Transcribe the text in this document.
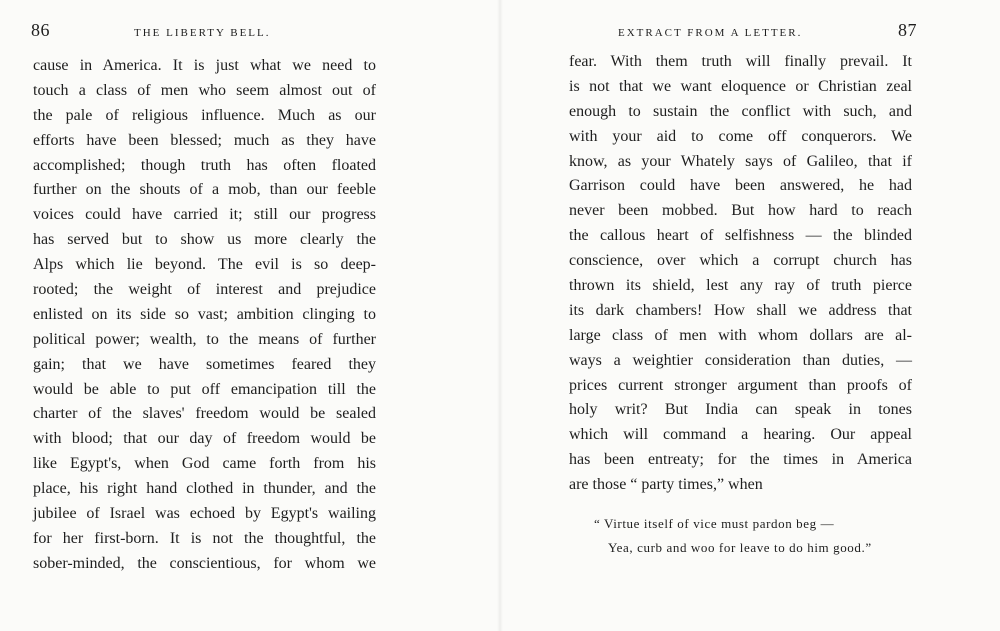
86	THE LIBERTY BELL.
cause in America. It is just what we need to
touch a class of men who seem almost out of
the pale of religious influence. Much as our
efforts have been blessed; much as they have
accomplished; though truth has often floated
further on the shouts of a mob, than our feeble
voices could have carried it; still our progress
has served but to show us more clearly the
Alps which lie beyond. The evil is so deep-
rooted; the weight of interest and prejudice
enlisted on its side so vast; ambition clinging to
political power; wealth, to the means of further
gain; that we have sometimes feared they
would be able to put off emancipation till the
charter of the slaves' freedom would be sealed
with blood; that our day of freedom would be
like Egypt's, when God came forth from his
place, his right hand clothed in thunder, and the
jubilee of Israel was echoed by Egypt's wailing
for her first-born. It is not the thoughtful, the
sober-minded, the conscientious, for whom we
EXTRACT FROM A LETTER.	87
fear. With them truth will finally prevail. It
is not that we want eloquence or Christian zeal
enough to sustain the conflict with such, and
with your aid to come off conquerors. We
know, as your Whately says of Galileo, that if
Garrison could have been answered, he had
never been mobbed. But how hard to reach
the callous heart of selfishness — the blinded
conscience, over which a corrupt church has
thrown its shield, lest any ray of truth pierce
its dark chambers! How shall we address that
large class of men with whom dollars are al-
ways a weightier consideration than duties, —
prices current stronger argument than proofs of
holy writ? But India can speak in tones
which will command a hearing. Our appeal
has been entreaty; for the times in America
are those “ party times,” when
“ Virtue itself of vice must pardon beg —
Yea, curb and woo for leave to do him good.”
